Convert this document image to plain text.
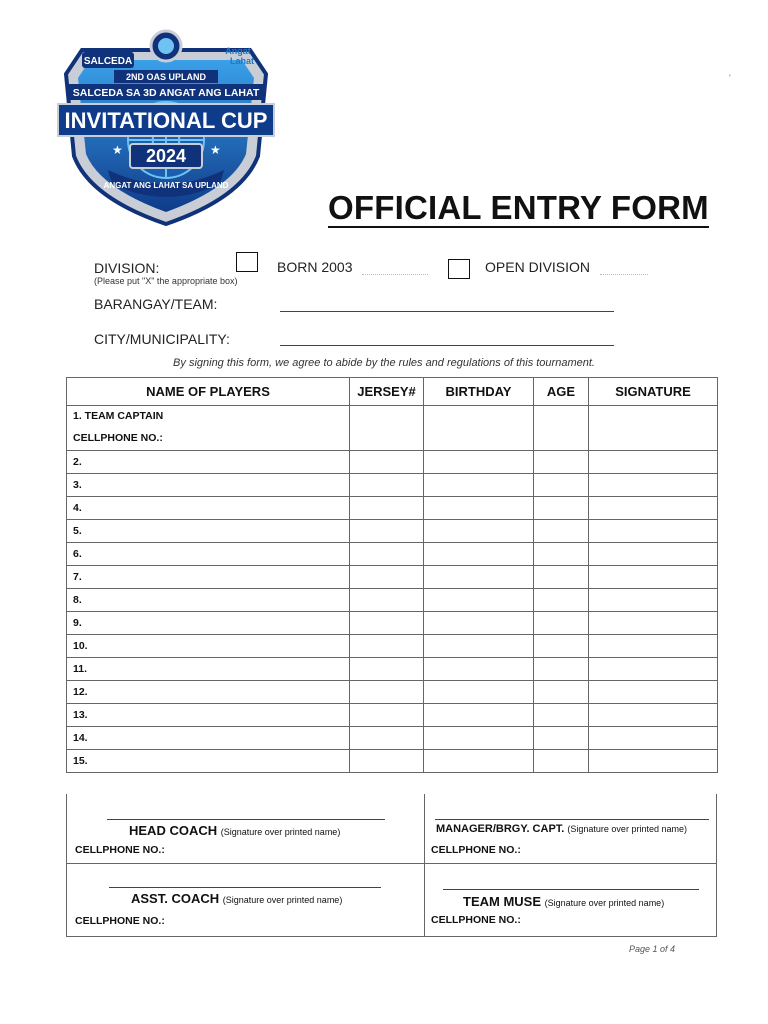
SALCEDA
Angat
Lahat
2ND OAS UPLAND
SALCEDA SA 3D ANGAT ANG LAHAT
INVITATIONAL CUP
2024
ANGAT ANG LAHAT SA UPLAND
★	★
'
OFFICIAL ENTRY FORM
DIVISION:
(Please put "X" the appropriate box)
BORN 2003	OPEN DIVISION
BARANGAY/TEAM:
CITY/MUNICIPALITY:
By signing this form, we agree to abide by the rules and regulations of this tournament.
NAME OF PLAYERS	JERSEY#	BIRTHDAY	AGE	SIGNATURE

1. TEAM CAPTAIN
CELLPHONE NO.:				

2.				
3.				
4.				
5.				
6.				
7.				
8.				
9.				
10.				
11.				
12.				
13.				
14.				
15.				
HEAD COACH (Signature over printed name)
CELLPHONE NO.:
MANAGER/BRGY. CAPT. (Signature over printed name)
CELLPHONE NO.:
ASST. COACH (Signature over printed name)
CELLPHONE NO.:
TEAM MUSE (Signature over printed name)
CELLPHONE NO.:
Page 1 of 4
